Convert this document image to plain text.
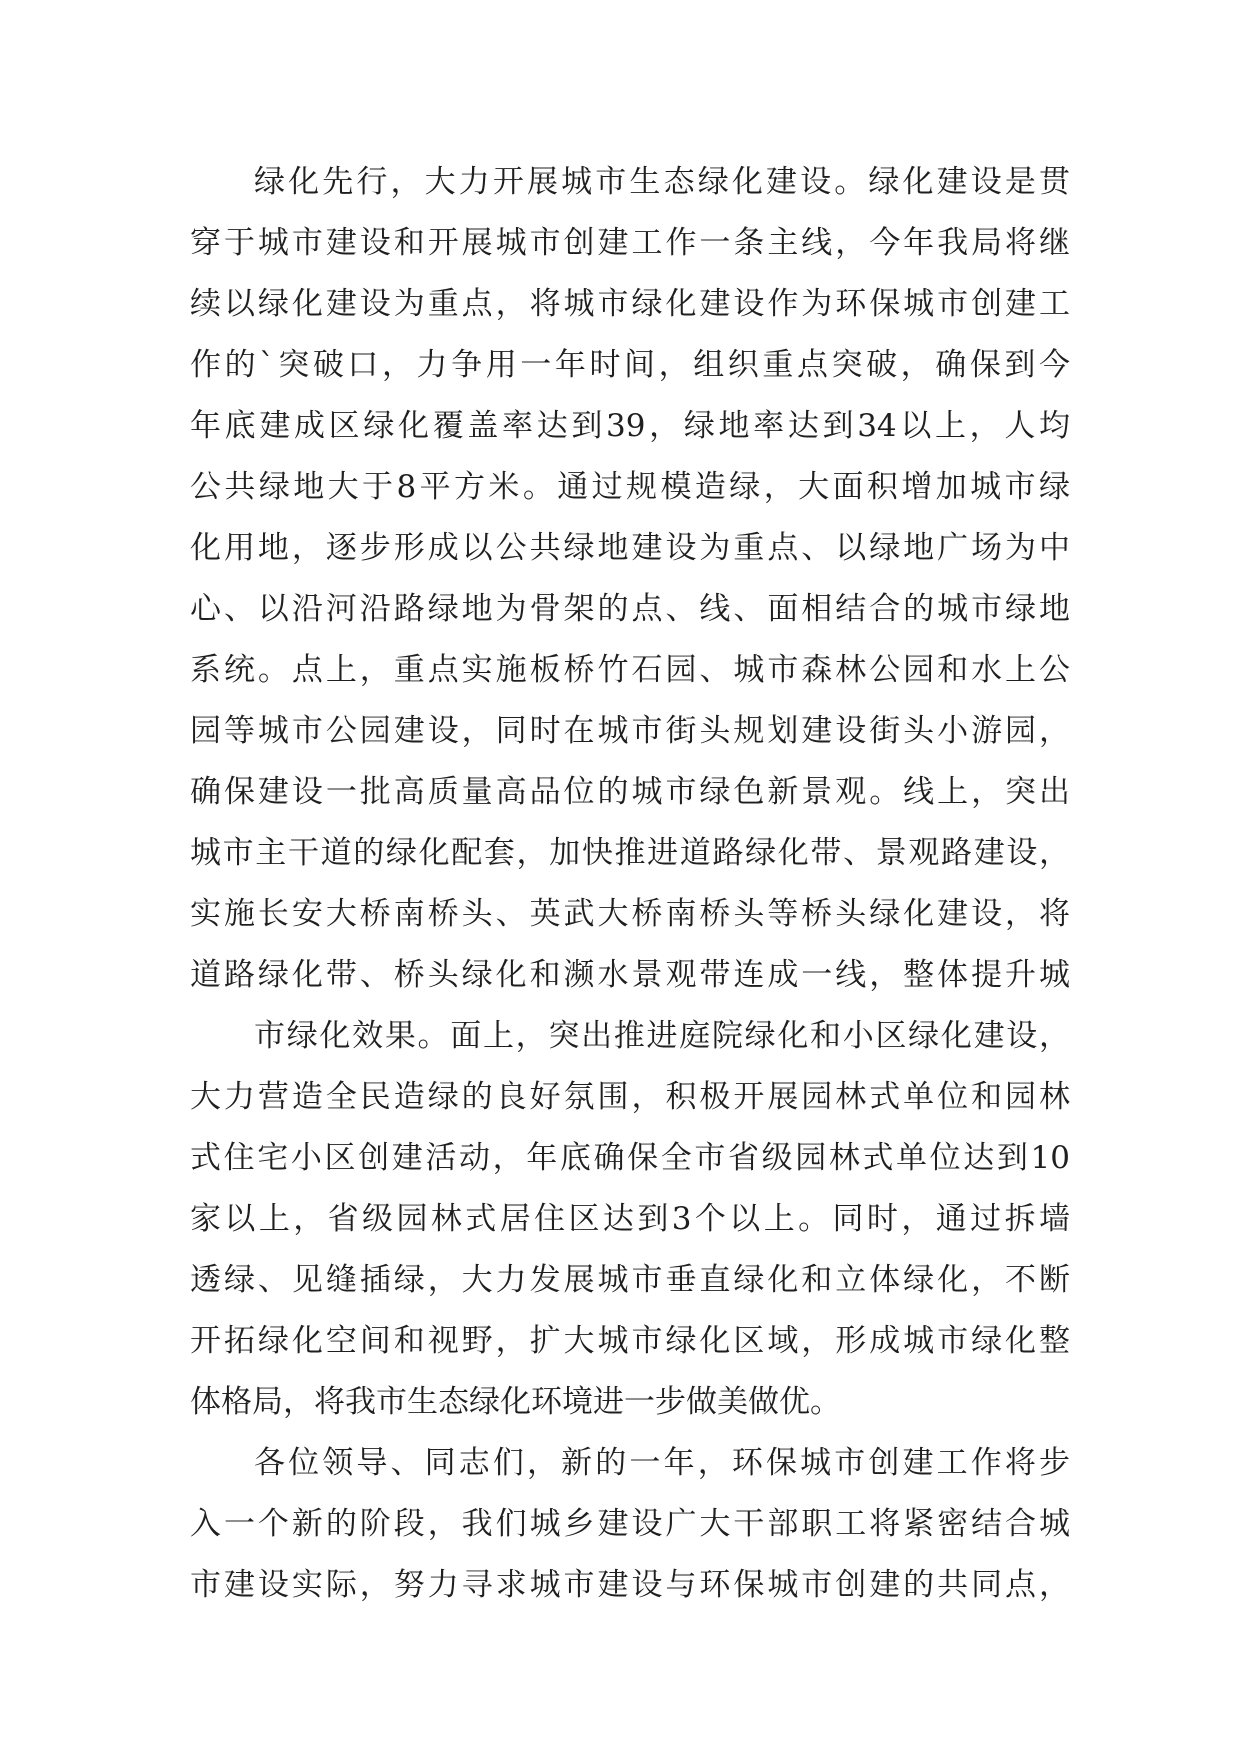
绿化先行，大力开展城市生态绿化建设。绿化建设是贯
穿于城市建设和开展城市创建工作一条主线，今年我局将继
续以绿化建设为重点，将城市绿化建设作为环保城市创建工
作的`突破口，力争用一年时间，组织重点突破，确保到今
年底建成区绿化覆盖率达到39，绿地率达到34以上，人均
公共绿地大于8平方米。通过规模造绿，大面积增加城市绿
化用地，逐步形成以公共绿地建设为重点、以绿地广场为中
心、以沿河沿路绿地为骨架的点、线、面相结合的城市绿地
系统。点上，重点实施板桥竹石园、城市森林公园和水上公
园等城市公园建设，同时在城市街头规划建设街头小游园，
确保建设一批高质量高品位的城市绿色新景观。线上，突出
城市主干道的绿化配套，加快推进道路绿化带、景观路建设，
实施长安大桥南桥头、英武大桥南桥头等桥头绿化建设，将
道路绿化带、桥头绿化和濒水景观带连成一线，整体提升城
市绿化效果。面上，突出推进庭院绿化和小区绿化建设，
大力营造全民造绿的良好氛围，积极开展园林式单位和园林
式住宅小区创建活动，年底确保全市省级园林式单位达到10
家以上，省级园林式居住区达到3个以上。同时，通过拆墙
透绿、见缝插绿，大力发展城市垂直绿化和立体绿化，不断
开拓绿化空间和视野，扩大城市绿化区域，形成城市绿化整
体格局，将我市生态绿化环境进一步做美做优。
各位领导、同志们，新的一年，环保城市创建工作将步
入一个新的阶段，我们城乡建设广大干部职工将紧密结合城
市建设实际，努力寻求城市建设与环保城市创建的共同点，
